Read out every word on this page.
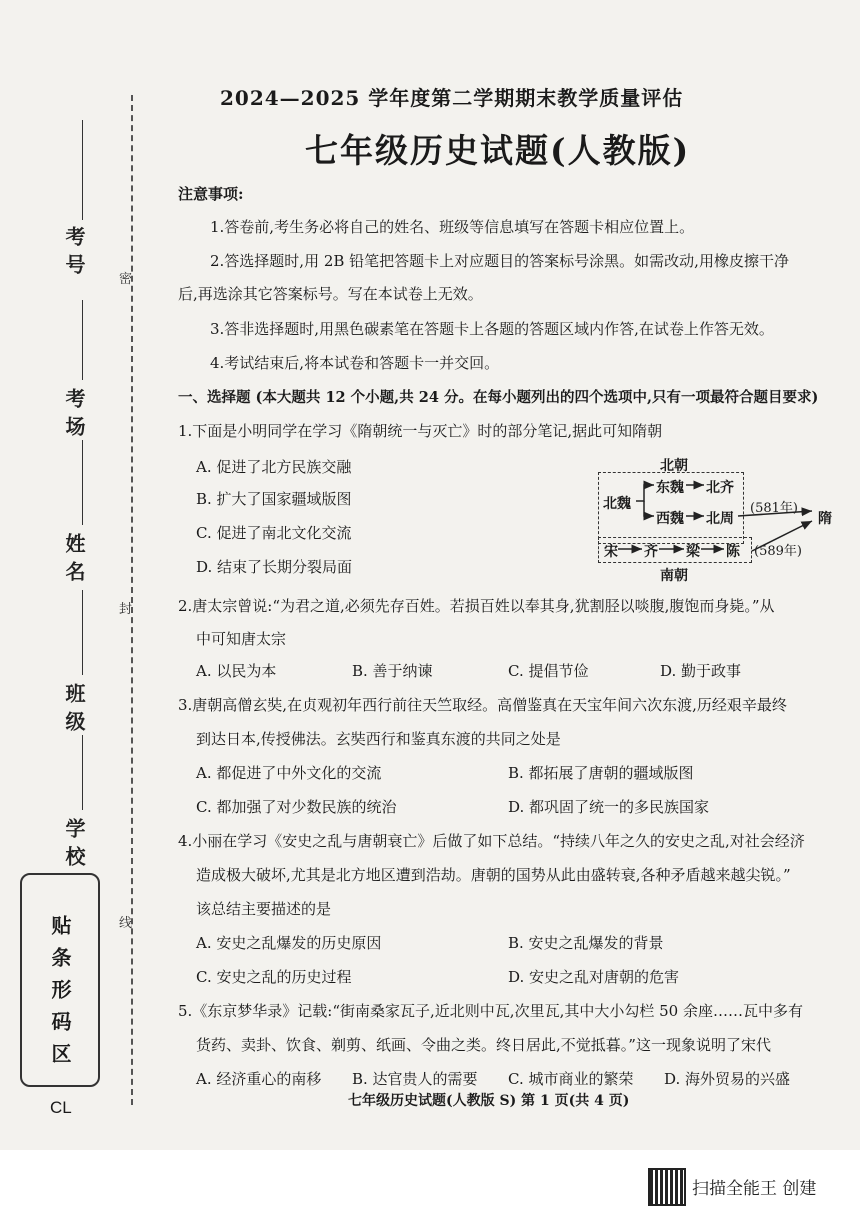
考号
考场
姓名
班级
学校
密
封
线
贴条形码区
CL
2024—2025 学年度第二学期期末教学质量评估
七年级历史试题(人教版)
注意事项:
1.答卷前,考生务必将自己的姓名、班级等信息填写在答题卡相应位置上。
2.答选择题时,用 2B 铅笔把答题卡上对应题目的答案标号涂黑。如需改动,用橡皮擦干净
后,再选涂其它答案标号。写在本试卷上无效。
3.答非选择题时,用黑色碳素笔在答题卡上各题的答题区域内作答,在试卷上作答无效。
4.考试结束后,将本试卷和答题卡一并交回。
一、选择题 (本大题共 12 个小题,共 24 分。在每小题列出的四个选项中,只有一项最符合题目要求)
1.下面是小明同学在学习《隋朝统一与灭亡》时的部分笔记,据此可知隋朝
A. 促进了北方民族交融
B. 扩大了国家疆域版图
C. 促进了南北文化交流
D. 结束了长期分裂局面
北朝
北魏
东魏 北齐
西魏 北周
宋 齐 梁 陈
南朝
(581年)
(589年)
隋
2.唐太宗曾说:“为君之道,必须先存百姓。若损百姓以奉其身,犹割胫以啖腹,腹饱而身毙。”从
中可知唐太宗
A. 以民为本	B. 善于纳谏	C. 提倡节俭	D. 勤于政事
3.唐朝高僧玄奘,在贞观初年西行前往天竺取经。高僧鉴真在天宝年间六次东渡,历经艰辛最终
到达日本,传授佛法。玄奘西行和鉴真东渡的共同之处是
A. 都促进了中外文化的交流	B. 都拓展了唐朝的疆域版图
C. 都加强了对少数民族的统治	D. 都巩固了统一的多民族国家
4.小丽在学习《安史之乱与唐朝衰亡》后做了如下总结。“持续八年之久的安史之乱,对社会经济
造成极大破坏,尤其是北方地区遭到浩劫。唐朝的国势从此由盛转衰,各种矛盾越来越尖锐。”
该总结主要描述的是
A. 安史之乱爆发的历史原因	B. 安史之乱爆发的背景
C. 安史之乱的历史过程	D. 安史之乱对唐朝的危害
5.《东京梦华录》记载:“街南桑家瓦子,近北则中瓦,次里瓦,其中大小勾栏 50 余座……瓦中多有
货药、卖卦、饮食、剃剪、纸画、令曲之类。终日居此,不觉抵暮。”这一现象说明了宋代
A. 经济重心的南移 B. 达官贵人的需要 C. 城市商业的繁荣 D. 海外贸易的兴盛
七年级历史试题(人教版 S) 第 1 页(共 4 页)
扫描全能王 创建
